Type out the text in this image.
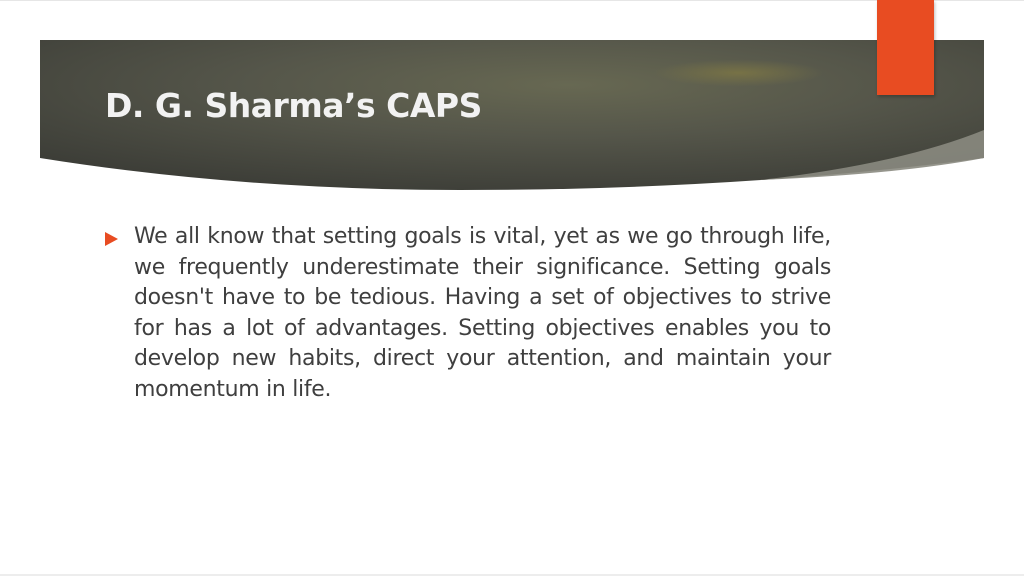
D. G. Sharma’s CAPS

We all know that setting goals is vital, yet as we go through life, we frequently underestimate their significance. Setting goals doesn't have to be tedious. Having a set of objectives to strive for has a lot of advantages. Setting objectives enables you to develop new habits, direct your attention, and maintain your momentum in life.
